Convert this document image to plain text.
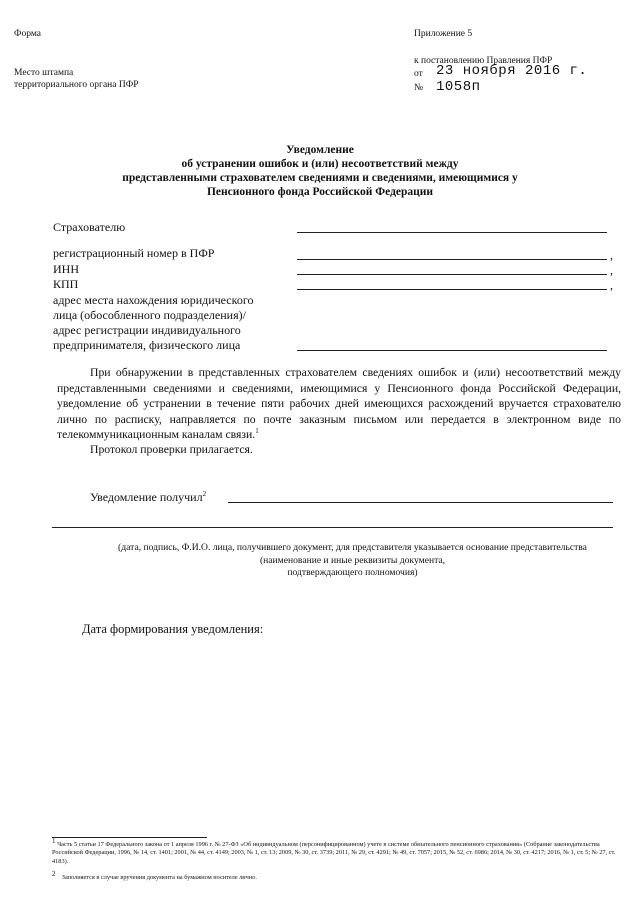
Форма
Место штампа
территориального органа ПФР
Приложение 5
к постановлению Правления ПФР
от 23 ноября 2016 г.
№ 1058п
Уведомление
об устранении ошибок и (или) несоответствий между
представленными страхователем сведениями и сведениями, имеющимися у
Пенсионного фонда Российской Федерации
Страхователю
регистрационный номер в ПФР	,
ИНН	,
КПП	,
адрес места нахождения юридического
лица (обособленного подразделения)/
адрес регистрации индивидуального
предпринимателя, физического лица

При обнаружении в представленных страхователем сведениях ошибок и (или) несоответствий между представленными сведениями и сведениями, имеющимися у Пенсионного фонда Российской Федерации, уведомление об устранении в течение пяти рабочих дней имеющихся расхождений вручается страхователю лично по расписку, направляется по почте заказным письмом или передается в электронном виде по телекоммуникационным каналам связи.$^1$

Протокол проверки прилагается.
Уведомление получил$^2$
(дата, подпись, Ф.И.О. лица, получившего документ, для представителя указывается основание представительства
(наименование и иные реквизиты документа,
подтверждающего полномочия)
Дата формирования уведомления:
$^1$ Часть 5 статьи 17 Федерального закона от 1 апреля 1996 г. № 27-ФЗ «Об индивидуальном (персонифицированном) учете в системе обязательного пенсионного страхования» (Собрание законодательства Российской Федерации, 1996, № 14, ст. 1401; 2001, № 44, ст. 4149; 2003, № 1, ст. 13; 2009, № 30, ст. 3739; 2011, № 29, ст. 4291; № 49, ст. 7057; 2015, № 52, ст. 6986; 2014, № 30, ст. 4217; 2016, № 1, ст. 5; № 27, ст. 4183).
$^2$ Заполняется в случае вручения документа на бумажном носителе лично.
